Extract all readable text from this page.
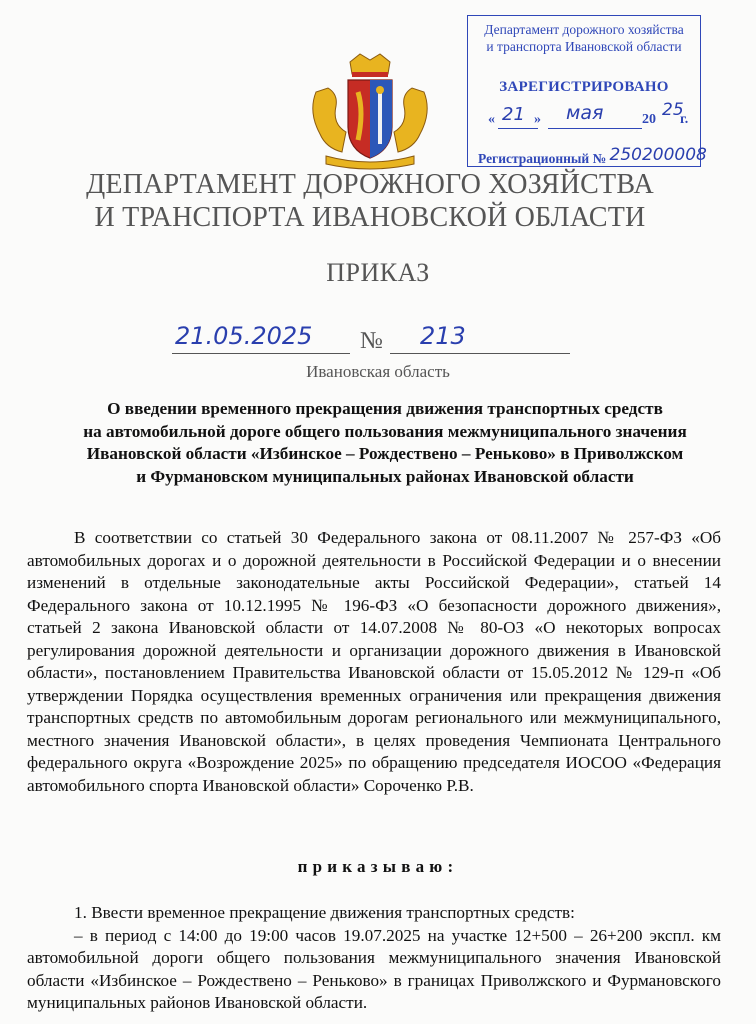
Департамент дорожного хозяйства
и транспорта Ивановской области
ЗАРЕГИСТРИРОВАНО
« 21 » мая	20 25
г.
Регистрационный № 250200008
ДЕПАРТАМЕНТ ДОРОЖНОГО ХОЗЯЙСТВА
И ТРАНСПОРТА ИВАНОВСКОЙ ОБЛАСТИ
ПРИКАЗ
21.05.2025 № 213
Ивановская область
О введении временного прекращения движения транспортных средств
на автомобильной дороге общего пользования межмуниципального значения
Ивановской области «Избинское – Рождествено – Реньково» в Приволжском
и Фурмановском муниципальных районах Ивановской области
В соответствии со статьей 30 Федерального закона от 08.11.2007 № 257-ФЗ «Об автомобильных дорогах и о дорожной деятельности в Российской Федерации и о внесении изменений в отдельные законодательные акты Российской Федерации», статьей 14 Федерального закона от 10.12.1995 № 196-ФЗ «О безопасности дорожного движения», статьей 2 закона Ивановской области от 14.07.2008 № 80-ОЗ «О некоторых вопросах регулирования дорожной деятельности и организации дорожного движения в Ивановской области», постановлением Правительства Ивановской области от 15.05.2012 № 129-п «Об утверждении Порядка осуществления временных ограничения или прекращения движения транспортных средств по автомобильным дорогам регионального или межмуниципального, местного значения Ивановской области», в целях проведения Чемпионата Центрального федерального округа «Возрождение 2025» по обращению председателя ИОСОО «Федерация автомобильного спорта Ивановской области» Сороченко Р.В.
приказываю:

1. Ввести временное прекращение движения транспортных средств:

– в период с 14:00 до 19:00 часов 19.07.2025 на участке 12+500 – 26+200 экспл. км автомобильной дороги общего пользования межмуниципального значения Ивановской области «Избинское – Рождествено – Реньково» в границах Приволжского и Фурмановского муниципальных районов Ивановской области.
